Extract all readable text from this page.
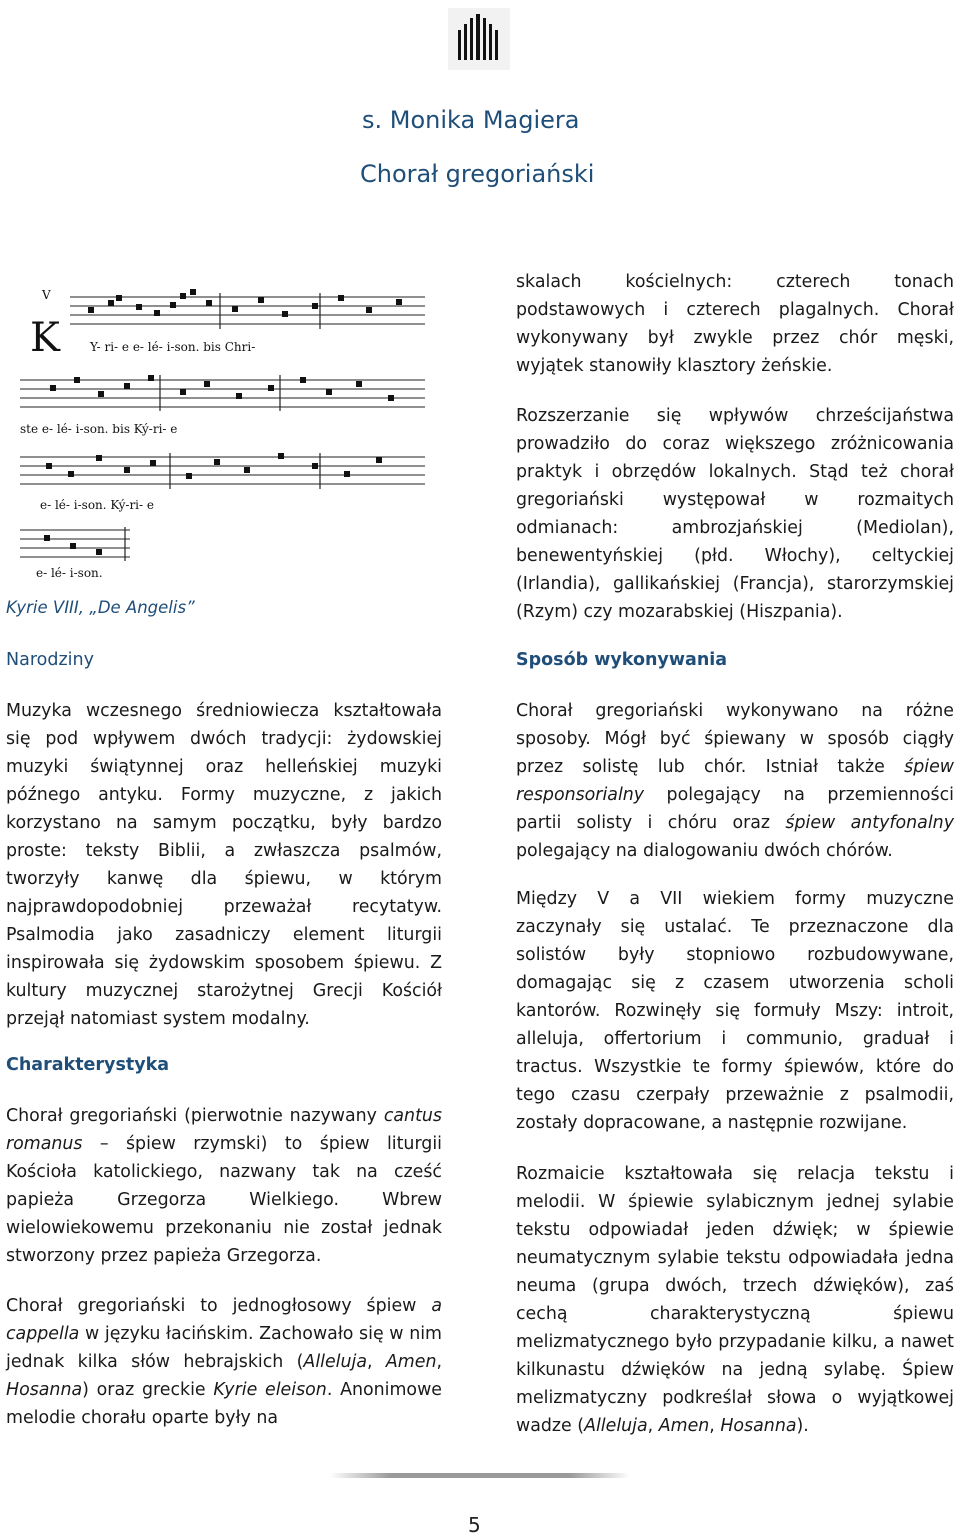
s. Monika Magiera
Chorał gregoriański
V
K	Y- ri- e e- lé- i-son. bis Chri-
ste e- lé- i-son. bis Ký-ri- e
e- lé- i-son. Ký-ri- e
e- lé- i-son.
Kyrie VIII, „De Angelis”
Narodziny

Muzyka wczesnego średniowiecza kształtowała się pod wpływem dwóch tradycji: żydowskiej muzyki świątynnej oraz helleńskiej muzyki późnego antyku. Formy muzyczne, z jakich korzystano na samym początku, były bardzo proste: teksty Biblii, a zwłaszcza psalmów, tworzyły kanwę dla śpiewu, w którym najprawdopodobniej przeważał recytatyw. Psalmodia jako zasadniczy element liturgii inspirowała się żydowskim sposobem śpiewu. Z kultury muzycznej starożytnej Grecji Kościół przejął natomiast system modalny.

Charakterystyka

Chorał gregoriański (pierwotnie nazywany cantus romanus – śpiew rzymski) to śpiew liturgii Kościoła katolickiego, nazwany tak na cześć papieża Grzegorza Wielkiego. Wbrew wielowiekowemu przekonaniu nie został jednak stworzony przez papieża Grzegorza.

Chorał gregoriański to jednogłosowy śpiew a cappella w języku łacińskim. Zachowało się w nim jednak kilka słów hebrajskich (Alleluja, Amen, Hosanna) oraz greckie Kyrie eleison. Anonimowe melodie chorału oparte były na

skalach kościelnych: czterech tonach podstawowych i czterech plagalnych. Chorał wykonywany był zwykle przez chór męski, wyjątek stanowiły klasztory żeńskie.

Rozszerzanie się wpływów chrześcijaństwa prowadziło do coraz większego zróżnicowania praktyk i obrzędów lokalnych. Stąd też chorał gregoriański występował w rozmaitych odmianach: ambrozjańskiej (Mediolan), benewentyńskiej (płd. Włochy), celtyckiej (Irlandia), gallikańskiej (Francja), starorzymskiej (Rzym) czy mozarabskiej (Hiszpania).

Sposób wykonywania

Chorał gregoriański wykonywano na różne sposoby. Mógł być śpiewany w sposób ciągły przez solistę lub chór. Istniał także śpiew responsorialny polegający na przemienności partii solisty i chóru oraz śpiew antyfonalny polegający na dialogowaniu dwóch chórów.

Między V a VII wiekiem formy muzyczne zaczynały się ustalać. Te przeznaczone dla solistów były stopniowo rozbudowywane, domagając się z czasem utworzenia scholi kantorów. Rozwinęły się formuły Mszy: introit, alleluja, offertorium i communio, graduał i tractus. Wszystkie te formy śpiewów, które do tego czasu czerpały przeważnie z psalmodii, zostały dopracowane, a następnie rozwijane.

Rozmaicie kształtowała się relacja tekstu i melodii. W śpiewie sylabicznym jednej sylabie tekstu odpowiadał jeden dźwięk; w śpiewie neumatycznym sylabie tekstu odpowiadała jedna neuma (grupa dwóch, trzech dźwięków), zaś cechą charakterystyczną śpiewu melizmatycznego było przypadanie kilku, a nawet kilkunastu dźwięków na jedną sylabę. Śpiew melizmatyczny podkreślał słowa o wyjątkowej wadze (Alleluja, Amen, Hosanna).

5
